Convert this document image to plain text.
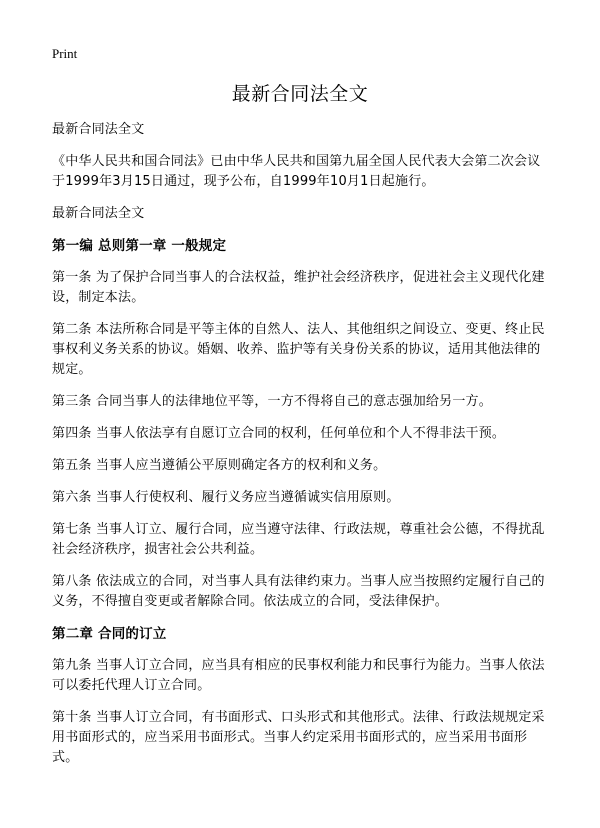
Print
最新合同法全文

最新合同法全文

《中华人民共和国合同法》已由中华人民共和国第九届全国人民代表大会第二次会议于1999年3月15日通过，现予公布，自1999年10月1日起施行。

最新合同法全文

第一编 总则第一章 一般规定

第一条 为了保护合同当事人的合法权益，维护社会经济秩序，促进社会主义现代化建设，制定本法。

第二条 本法所称合同是平等主体的自然人、法人、其他组织之间设立、变更、终止民事权利义务关系的协议。婚姻、收养、监护等有关身份关系的协议，适用其他法律的规定。

第三条 合同当事人的法律地位平等，一方不得将自己的意志强加给另一方。

第四条 当事人依法享有自愿订立合同的权利，任何单位和个人不得非法干预。

第五条 当事人应当遵循公平原则确定各方的权利和义务。

第六条 当事人行使权利、履行义务应当遵循诚实信用原则。

第七条 当事人订立、履行合同，应当遵守法律、行政法规，尊重社会公德，不得扰乱社会经济秩序，损害社会公共利益。

第八条 依法成立的合同，对当事人具有法律约束力。当事人应当按照约定履行自己的义务，不得擅自变更或者解除合同。依法成立的合同，受法律保护。

第二章 合同的订立

第九条 当事人订立合同，应当具有相应的民事权利能力和民事行为能力。当事人依法可以委托代理人订立合同。

第十条 当事人订立合同，有书面形式、口头形式和其他形式。法律、行政法规规定采用书面形式的，应当采用书面形式。当事人约定采用书面形式的，应当采用书面形式。
